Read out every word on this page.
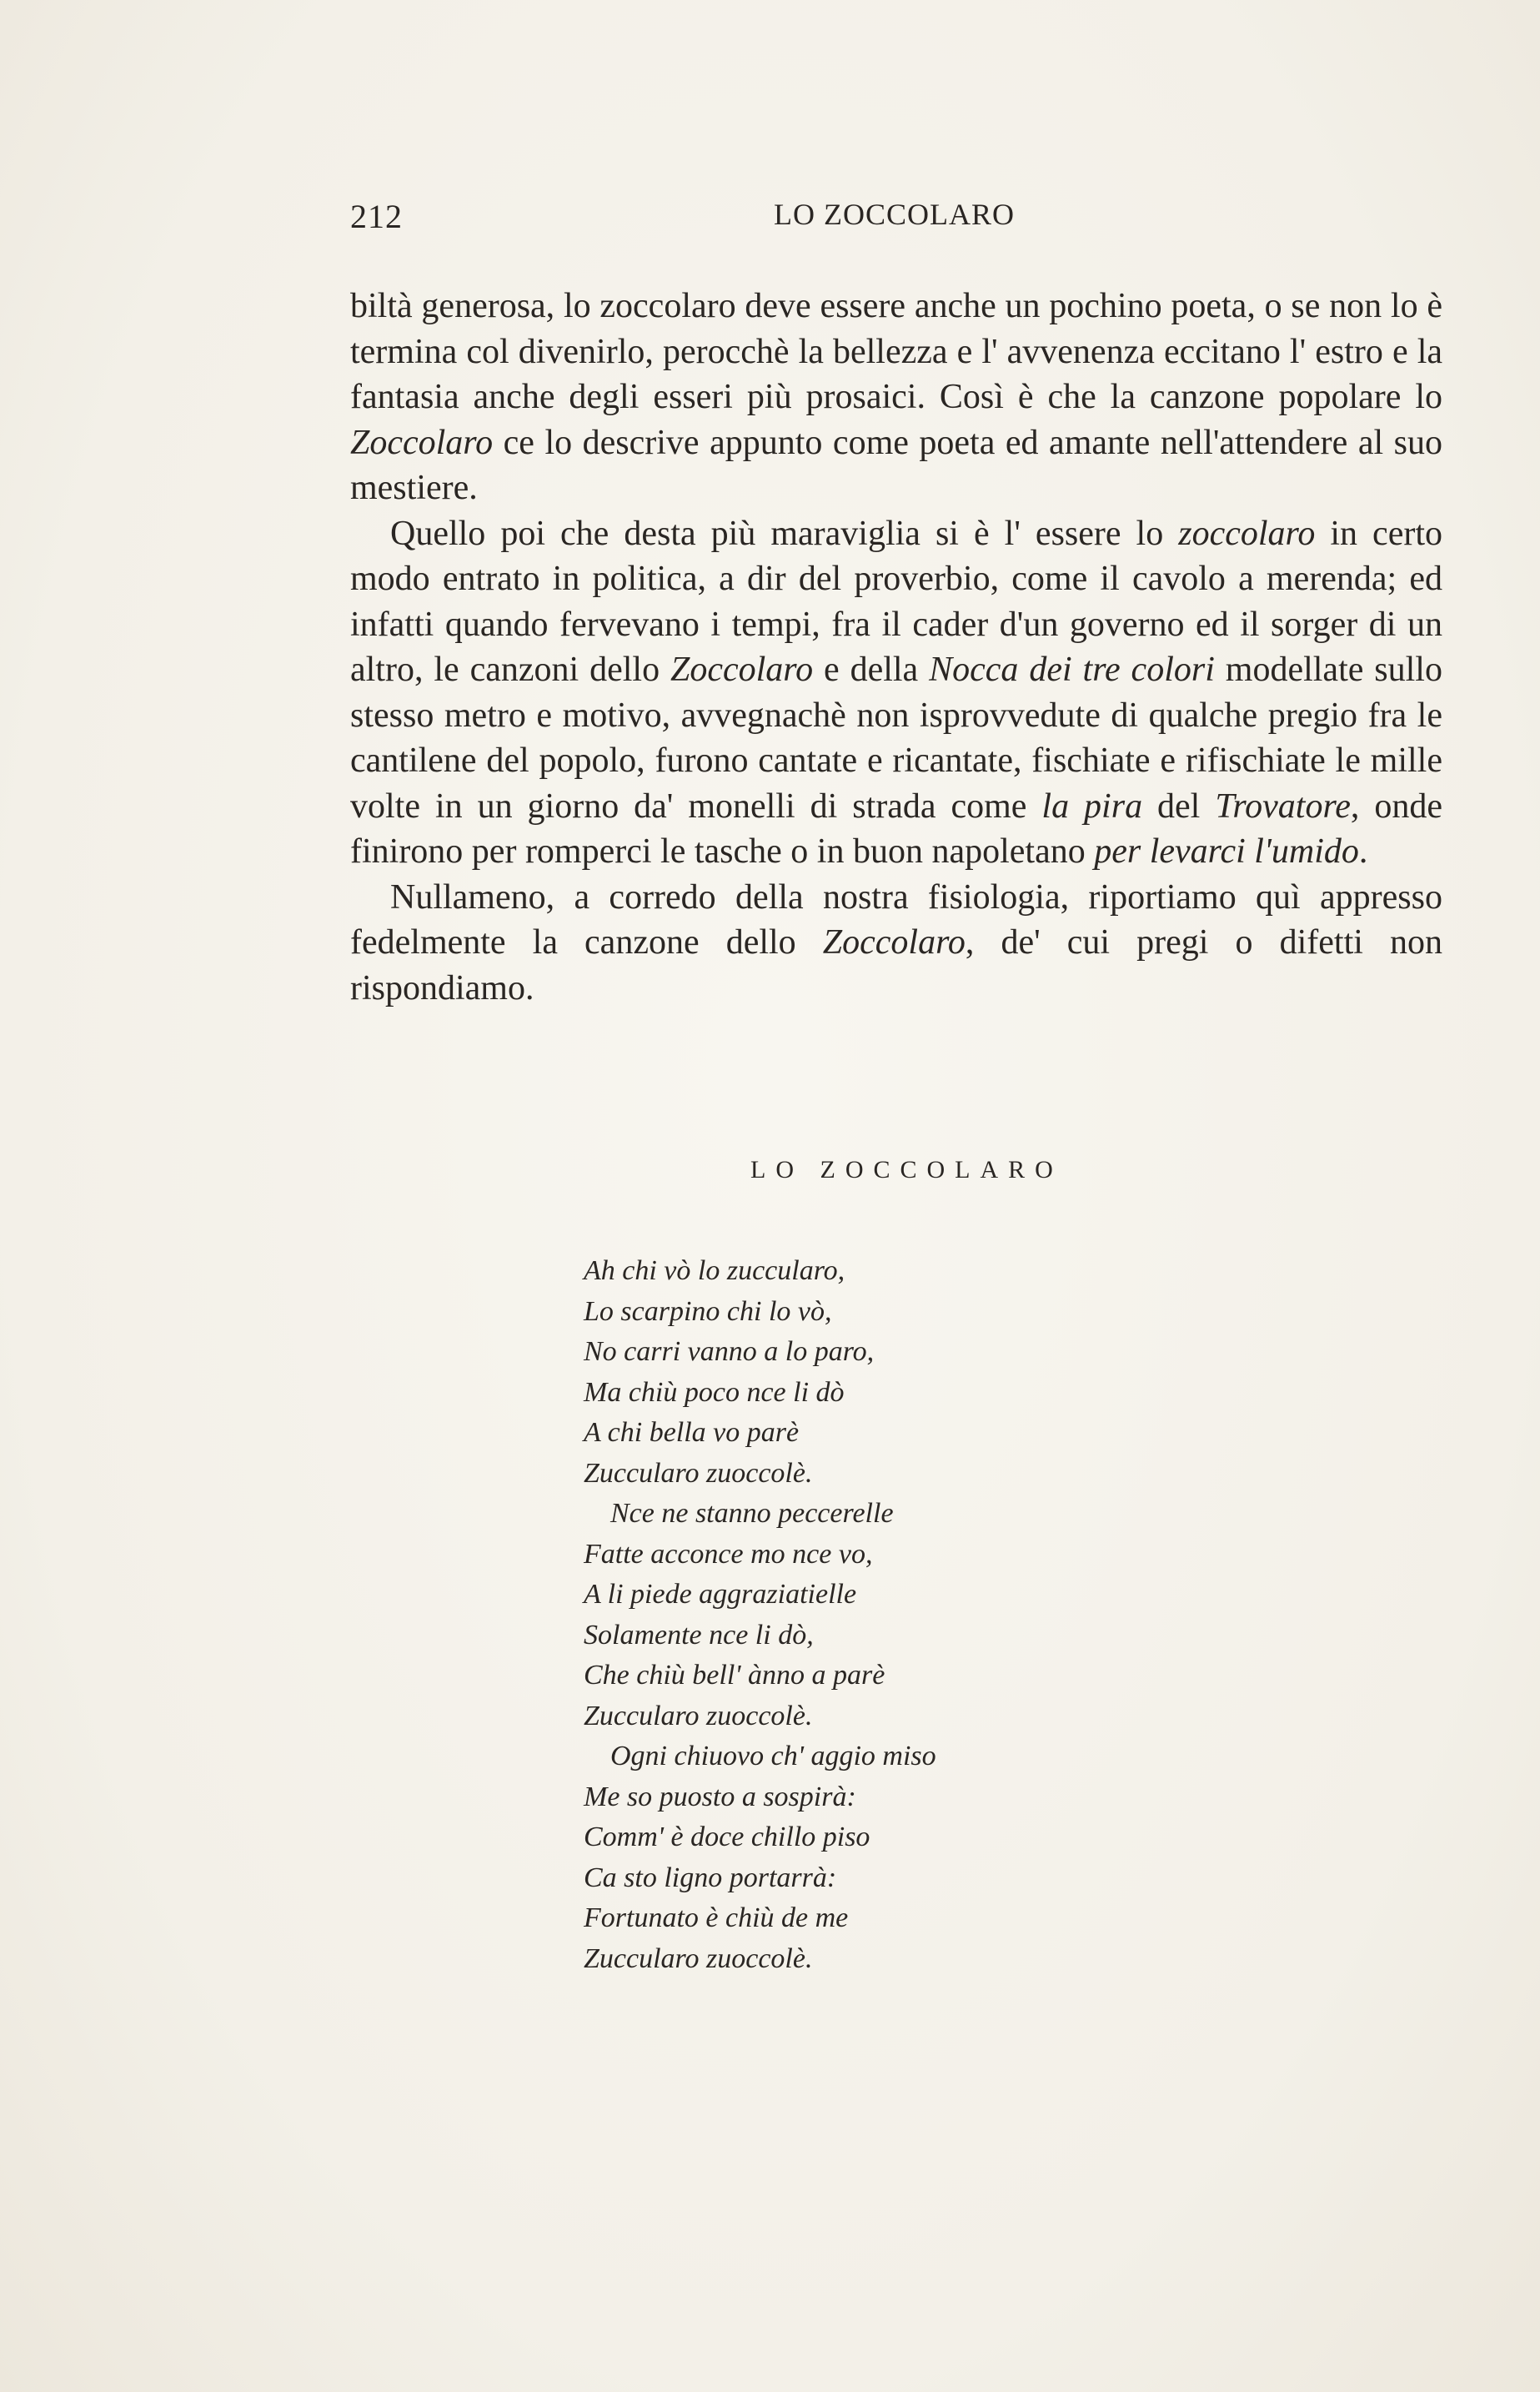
212	LO ZOCCOLARO

biltà generosa, lo zoccolaro deve essere anche un pochino poeta, o se non lo è termina col divenirlo, perocchè la bellezza e l' avvenenza eccitano l' estro e la fantasia anche degli esseri più prosaici. Così è che la canzone popolare lo Zoccolaro ce lo descrive appunto come poeta ed amante nell'attendere al suo mestiere.

Quello poi che desta più maraviglia si è l' essere lo zoccolaro in certo modo entrato in politica, a dir del proverbio, come il cavolo a merenda; ed infatti quando fervevano i tempi, fra il cader d'un governo ed il sorger di un altro, le canzoni dello Zoccolaro e della Nocca dei tre colori modellate sullo stesso metro e motivo, avvegnachè non isprovvedute di qualche pregio fra le cantilene del popolo, furono cantate e ricantate, fischiate e rifischiate le mille volte in un giorno da' monelli di strada come la pira del Trovatore, onde finirono per romperci le tasche o in buon napoletano per levarci l'umido.

Nullameno, a corredo della nostra fisiologia, riportiamo quì appresso fedelmente la canzone dello Zoccolaro, de' cui pregi o difetti non rispondiamo.

LO ZOCCOLARO
Ah chi vò lo zuccularo,
Lo scarpino chi lo vò,
No carri vanno a lo paro,
Ma chiù poco nce li dò
A chi bella vo parè
Zuccularo zuoccolè.
Nce ne stanno peccerelle
Fatte acconce mo nce vo,
A li piede aggraziatielle
Solamente nce li dò,
Che chiù bell' ànno a parè
Zuccularo zuoccolè.
Ogni chiuovo ch' aggio miso
Me so puosto a sospirà:
Comm' è doce chillo piso
Ca sto ligno portarrà:
Fortunato è chiù de me
Zuccularo zuoccolè.
